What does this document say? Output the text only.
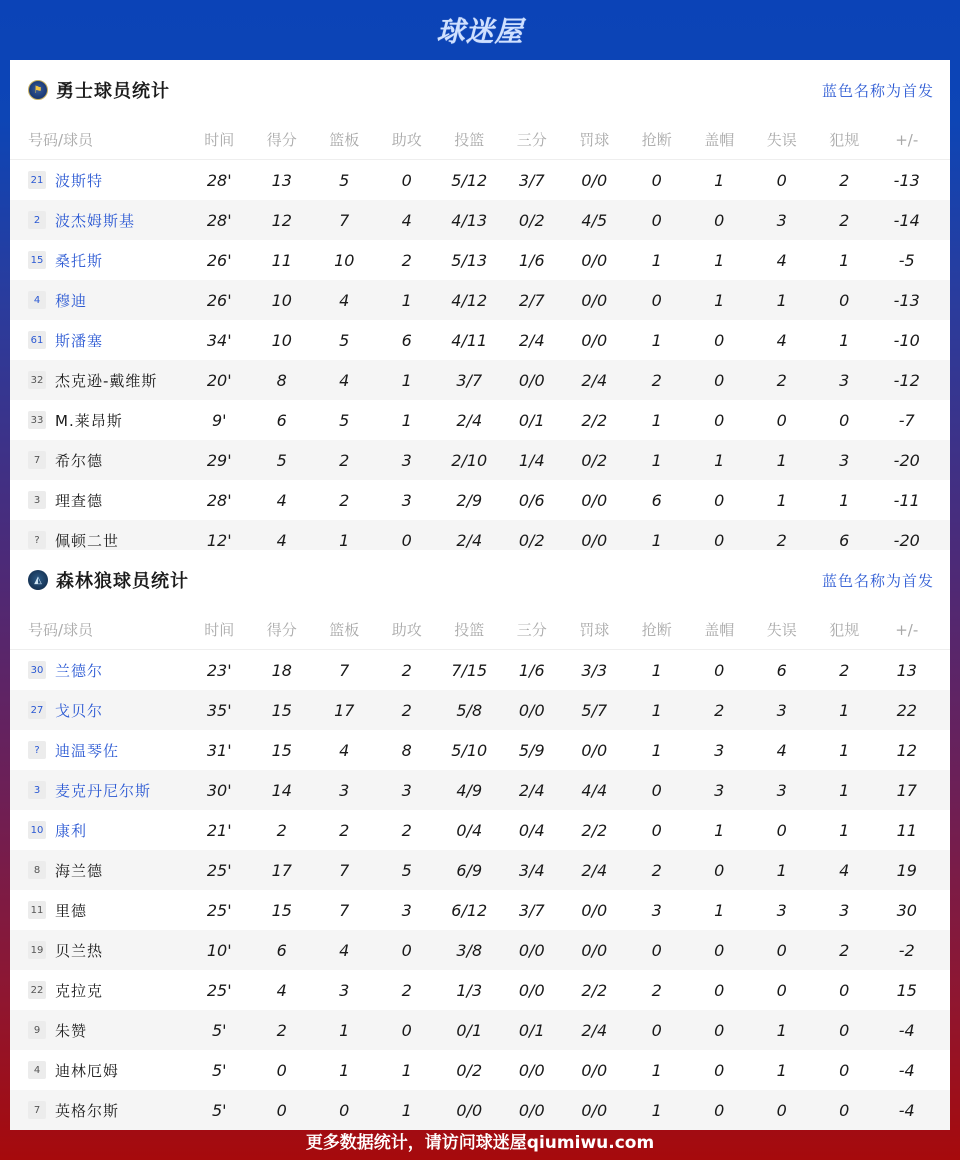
球迷屋
⚑ 勇士球员统计	蓝色名称为首发
号码/球员	时间	得分	篮板	助攻	投篮	三分	罚球	抢断	盖帽	失误	犯规	+/-
21 波斯特	28'	13	5	0	5/12	3/7	0/0	0	1	0	2	-13
2 波杰姆斯基	28'	12	7	4	4/13	0/2	4/5	0	0	3	2	-14
15 桑托斯	26'	11	10	2	5/13	1/6	0/0	1	1	4	1	-5
4 穆迪	26'	10	4	1	4/12	2/7	0/0	0	1	1	0	-13
61 斯潘塞	34'	10	5	6	4/11	2/4	0/0	1	0	4	1	-10
32 杰克逊-戴维斯	20'	8	4	1	3/7	0/0	2/4	2	0	2	3	-12
33 M.莱昂斯	9'	6	5	1	2/4	0/1	2/2	1	0	0	0	-7
7 希尔德	29'	5	2	3	2/10	1/4	0/2	1	1	1	3	-20
3 理查德	28'	4	2	3	2/9	0/6	0/0	6	0	1	1	-11
?	佩顿二世	12'	4	1	0	2/4	0/2	0/0	1	0	2	6	-20
◭ 森林狼球员统计	蓝色名称为首发
号码/球员	时间	得分	篮板	助攻	投篮	三分	罚球	抢断	盖帽	失误	犯规	+/-
30 兰德尔	23'	18	7	2	7/15	1/6	3/3	1	0	6	2	13
27 戈贝尔	35'	15	17	2	5/8	0/0	5/7	1	2	3	1	22
?	迪温琴佐	31'	15	4	8	5/10	5/9	0/0	1	3	4	1	12
3 麦克丹尼尔斯	30'	14	3	3	4/9	2/4	4/4	0	3	3	1	17
10 康利	21'	2	2	2	0/4	0/4	2/2	0	1	0	1	11
8 海兰德	25'	17	7	5	6/9	3/4	2/4	2	0	1	4	19
11 里德	25'	15	7	3	6/12	3/7	0/0	3	1	3	3	30
19 贝兰热	10'	6	4	0	3/8	0/0	0/0	0	0	0	2	-2
22 克拉克	25'	4	3	2	1/3	0/0	2/2	2	0	0	0	15
9 朱赞	5'	2	1	0	0/1	0/1	2/4	0	0	1	0	-4
4 迪林厄姆	5'	0	1	1	0/2	0/0	0/0	1	0	1	0	-4
7 英格尔斯	5'	0	0	1	0/0	0/0	0/0	1	0	0	0	-4
更多数据统计，请访问球迷屋qiumiwu.com
